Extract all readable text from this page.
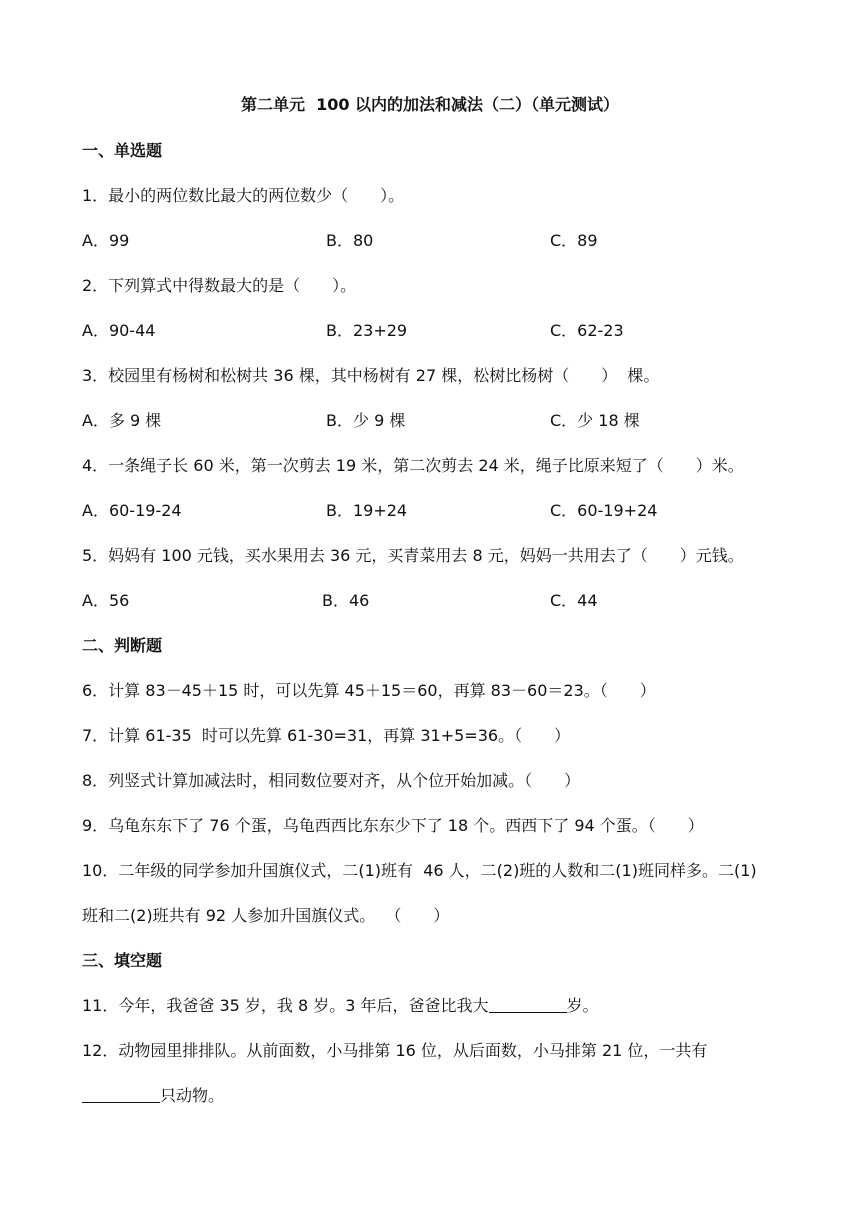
第二单元  100 以内的加法和减法（二）（单元测试）
一、单选题
1．最小的两位数比最大的两位数少（　　）。
A．99	B．80	C．89
2．下列算式中得数最大的是（　　）。
A．90-44	B．23+29	C．62-23
3．校园里有杨树和松树共 36 棵，其中杨树有 27 棵，松树比杨树（　　）  棵。
A．多 9 棵	B．少 9 棵	C．少 18 棵
4．一条绳子长 60 米，第一次剪去 19 米，第二次剪去 24 米，绳子比原来短了（　　）米。
A．60-19-24	B．19+24	C．60-19+24
5．妈妈有 100 元钱，买水果用去 36 元，买青菜用去 8 元，妈妈一共用去了（　　）元钱。
A．56	B．46	C．44
二、判断题
6．计算 83－45＋15 时，可以先算 45＋15＝60，再算 83－60＝23。（　　）
7．计算 61-35  时可以先算 61-30=31，再算 31+5=36。（　　）
8．列竖式计算加减法时，相同数位要对齐，从个位开始加减。（　　）
9．乌龟东东下了 76 个蛋，乌龟西西比东东少下了 18 个。西西下了 94 个蛋。（　　）
10．二年级的同学参加升国旗仪式，二(1)班有  46 人，二(2)班的人数和二(1)班同样多。二(1)
班和二(2)班共有 92 人参加升国旗仪式。  （　　）
三、填空题
11．今年，我爸爸 35 岁，我 8 岁。3 年后，爸爸比我大	岁。
12．动物园里排排队。从前面数，小马排第 16 位，从后面数，小马排第 21 位，一共有
只动物。
